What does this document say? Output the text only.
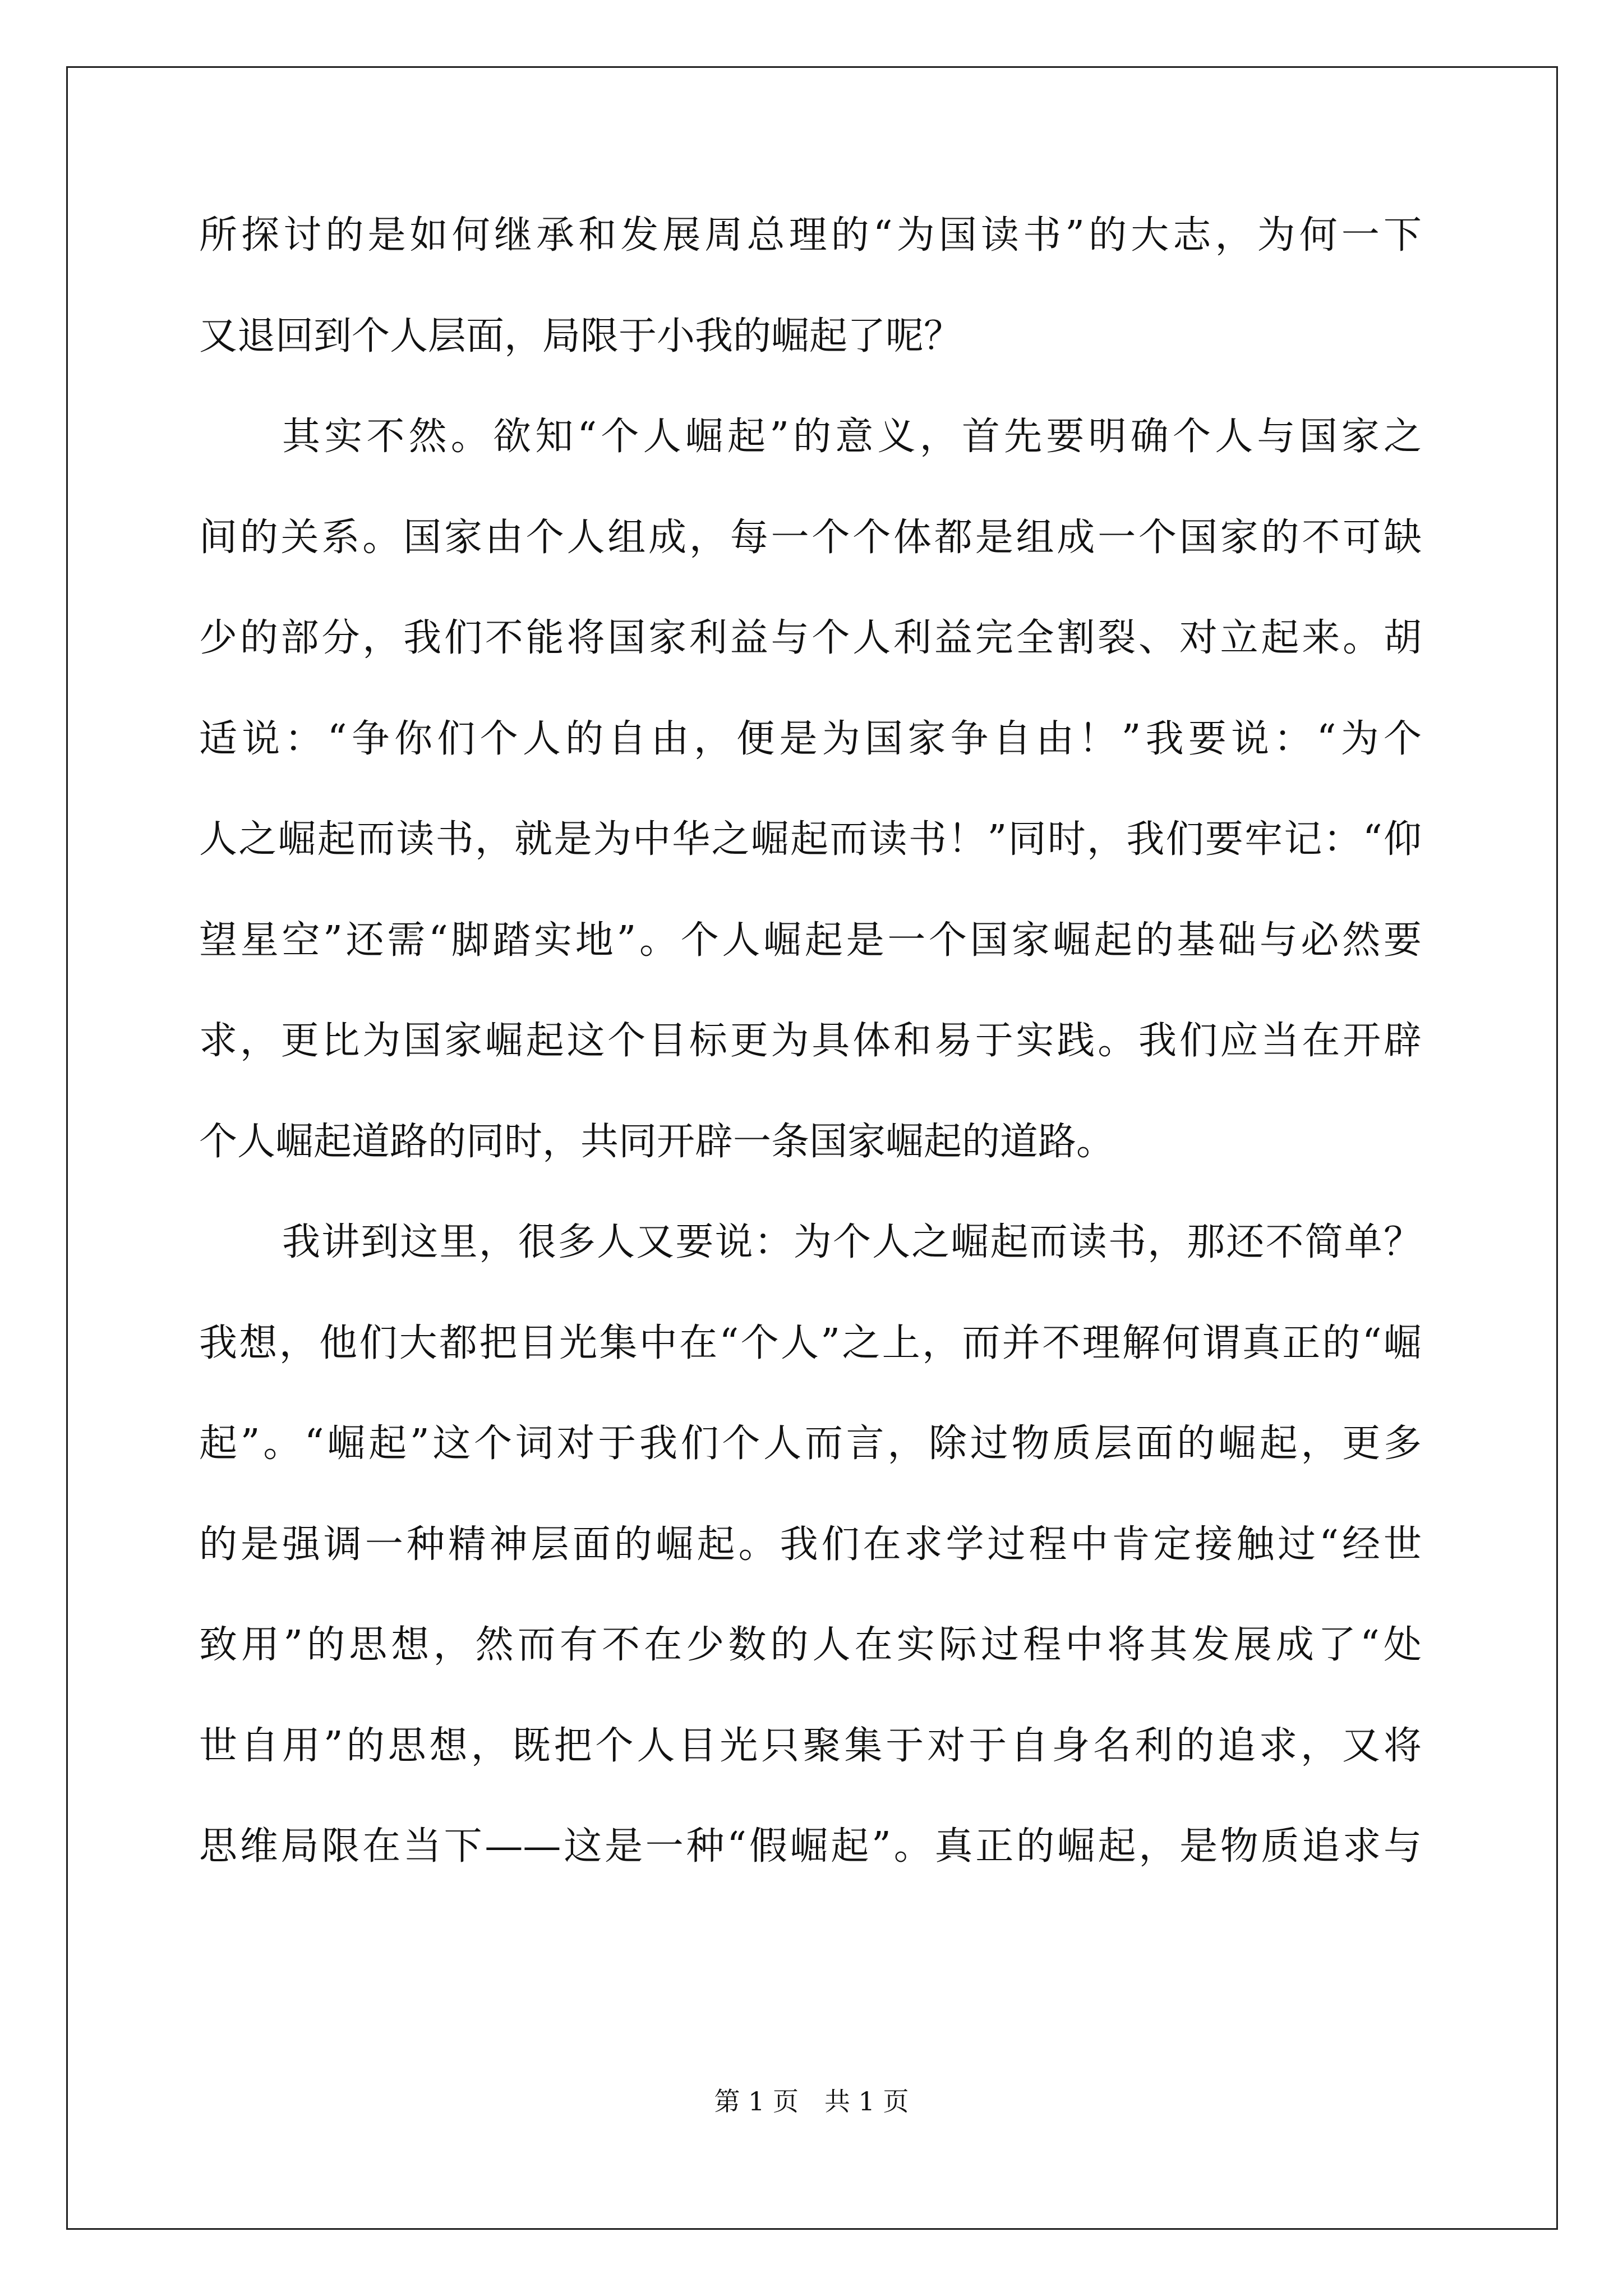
所探讨的是如何继承和发展周总理的“为国读书”的大志，为何一下
又退回到个人层面，局限于小我的崛起了呢？
其实不然。欲知“个人崛起”的意义，首先要明确个人与国家之
间的关系。国家由个人组成，每一个个体都是组成一个国家的不可缺
少的部分，我们不能将国家利益与个人利益完全割裂、对立起来。胡
适说：“争你们个人的自由，便是为国家争自由！”我要说：“为个
人之崛起而读书，就是为中华之崛起而读书！”同时，我们要牢记：“仰
望星空”还需“脚踏实地”。个人崛起是一个国家崛起的基础与必然要
求，更比为国家崛起这个目标更为具体和易于实践。我们应当在开辟
个人崛起道路的同时，共同开辟一条国家崛起的道路。
我讲到这里，很多人又要说：为个人之崛起而读书，那还不简单？
我想，他们大都把目光集中在“个人”之上，而并不理解何谓真正的“崛
起”。“崛起”这个词对于我们个人而言，除过物质层面的崛起，更多
的是强调一种精神层面的崛起。我们在求学过程中肯定接触过“经世
致用”的思想，然而有不在少数的人在实际过程中将其发展成了“处
世自用”的思想，既把个人目光只聚集于对于自身名利的追求，又将
思维局限在当下——这是一种“假崛起”。真正的崛起，是物质追求与
第 1 页　共 1 页
